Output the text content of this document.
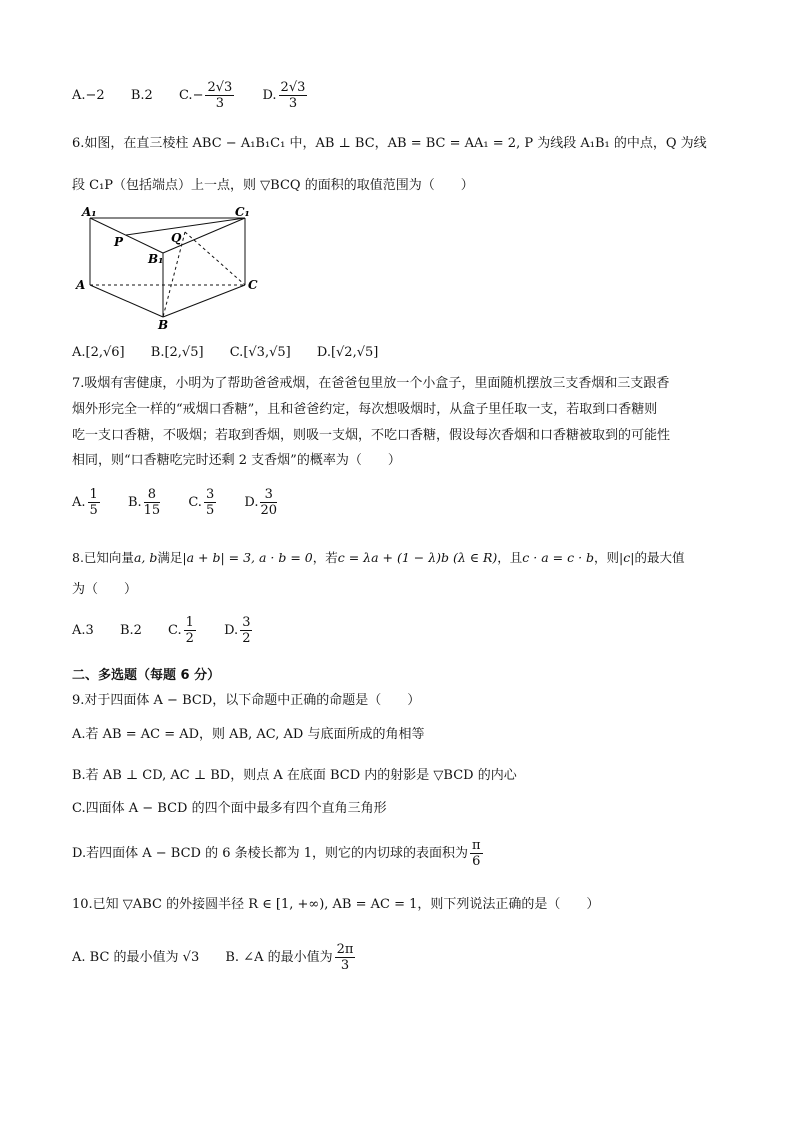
A.−2 B.2 $C.- \frac{2√3}{3} D$. $\frac{2√3}{3}$
6.如图，在直三棱柱 ABC − A₁B₁C₁ 中，AB ⊥ BC，AB = BC = AA₁ = 2, P 为线段 A₁B₁ 的中点，Q 为线
段 C₁P（包括端点）上一点，则 ▽BCQ 的面积的取值范围为（　　）
A₁	C₁
P	Q
B₁
A	C
B
A.[2,√6] B.[2,√5] C.[√3,√5] D.[√2,√5]
7.吸烟有害健康，小明为了帮助爸爸戒烟，在爸爸包里放一个小盒子，里面随机摆放三支香烟和三支跟香
烟外形完全一样的“戒烟口香糖”，且和爸爸约定，每次想吸烟时，从盒子里任取一支，若取到口香糖则
吃一支口香糖，不吸烟；若取到香烟，则吸一支烟，不吃口香糖，假设每次香烟和口香糖被取到的可能性
相同，则“口香糖吃完时还剩 2 支香烟”的概率为（　　）
A. $\frac{1}{5} B$. $\frac{8}{15} C$. $\frac{3}{5} D$. $\frac{3}{20}$
8.已知向量a, b满足|a + b| = 3, a · b = 0，若c = λa + (1 − λ)b (λ ∈ R)，且c · a = c · b，则|c|的最大值
为（　　）
A.3 B.2 C. $\frac{1}{2} D$. $\frac{3}{2}$
二、多选题（每题 6 分）
9.对于四面体 A − BCD，以下命题中正确的命题是（　　）
A.若 AB = AC = AD，则 AB, AC, AD 与底面所成的角相等
B.若 AB ⊥ CD, AC ⊥ BD，则点 A 在底面 BCD 内的射影是 ▽BCD 的内心
C.四面体 A − BCD 的四个面中最多有四个直角三角形
D.若四面体 A − BCD 的 6 条棱长都为 1，则它的内切球的表面积为 $\frac{\pi}{6}$
10.已知 ▽ABC 的外接圆半径 R ∈ [1, +∞), AB = AC = 1，则下列说法正确的是（　　）
A. BC 的最小值为 √3 B. ∠A 的最小值为 $\frac{2\pi}{3}$
